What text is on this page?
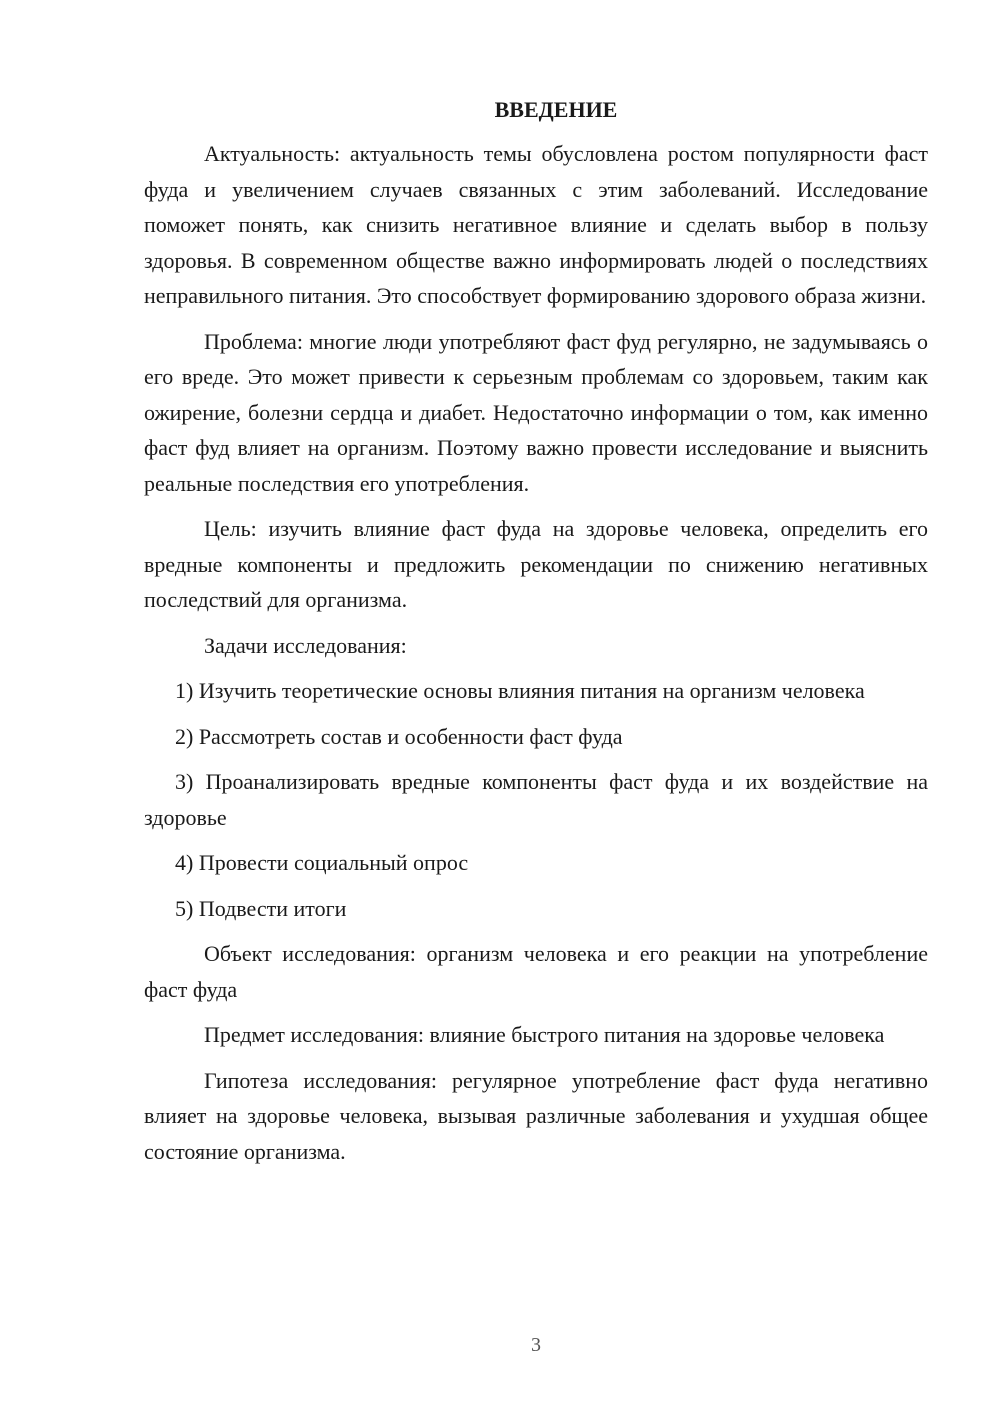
ВВЕДЕНИЕ

Актуальность: актуальность темы обусловлена ростом популярности фаст фуда и увеличением случаев связанных с этим заболеваний. Исследование поможет понять, как снизить негативное влияние и сделать выбор в пользу здоровья. В современном обществе важно информировать людей о последствиях неправильного питания. Это способствует формированию здорового образа жизни.

Проблема: многие люди употребляют фаст фуд регулярно, не задумываясь о его вреде. Это может привести к серьезным проблемам со здоровьем, таким как ожирение, болезни сердца и диабет. Недостаточно информации о том, как именно фаст фуд влияет на организм. Поэтому важно провести исследование и выяснить реальные последствия его употребления.

Цель: изучить влияние фаст фуда на здоровье человека, определить его вредные компоненты и предложить рекомендации по снижению негативных последствий для организма.

Задачи исследования:

1) Изучить теоретические основы влияния питания на организм человека

2) Рассмотреть состав и особенности фаст фуда

3) Проанализировать вредные компоненты фаст фуда и их воздействие на здоровье

4) Провести социальный опрос

5) Подвести итоги

Объект исследования: организм человека и его реакции на употребление фаст фуда

Предмет исследования: влияние быстрого питания на здоровье человека

Гипотеза исследования: регулярное употребление фаст фуда негативно влияет на здоровье человека, вызывая различные заболевания и ухудшая общее состояние организма.

3
